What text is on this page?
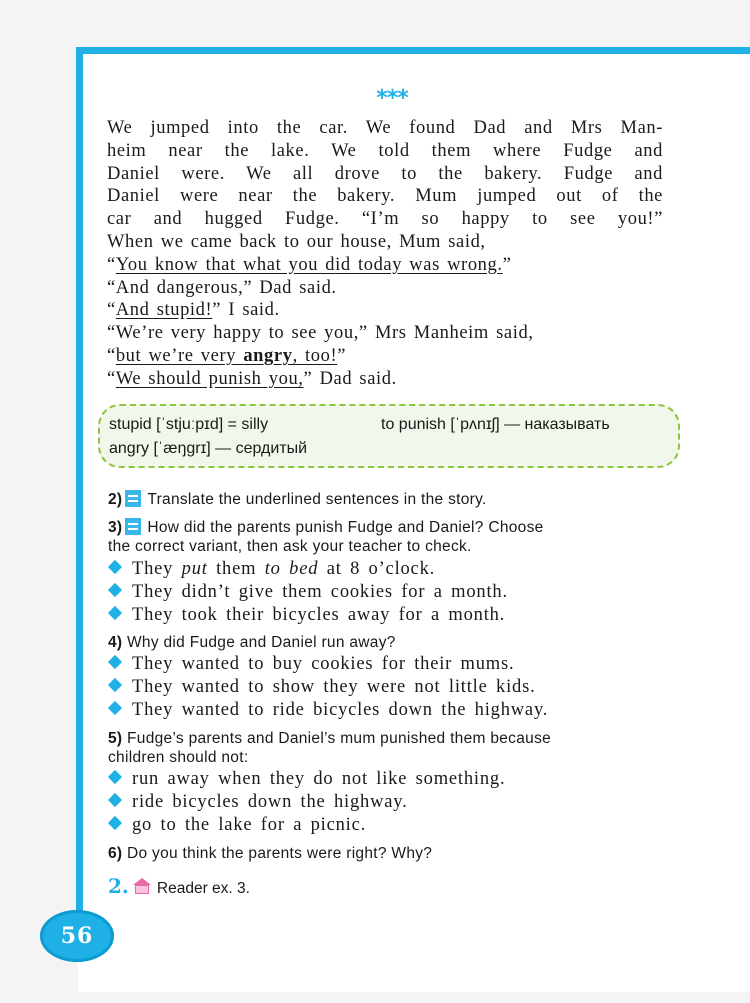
***
We jumped into the car. We found Dad and Mrs Man-
heim near the lake. We told them where Fudge and
Daniel were. We all drove to the bakery. Fudge and
Daniel were near the bakery. Mum jumped out of the
car and hugged Fudge. “I’m so happy to see you!”
When we came back to our house, Mum said,
“You know that what you did today was wrong.”
“And dangerous,” Dad said.
“And stupid!” I said.
“We’re very happy to see you,” Mrs Manheim said,
“but we’re very angry, too!”
“We should punish you,” Dad said.
stupid [ˈstjuːpɪd] = silly	to punish [ˈpʌnɪʃ] — наказывать
angry [ˈæŋgrɪ] — сердитый
2) Translate the underlined sentences in the story.
3) How did the parents punish Fudge and Daniel? Choose
the correct variant, then ask your teacher to check.
They put them to bed at 8 o’clock.
They didn’t give them cookies for a month.
They took their bicycles away for a month.
4) Why did Fudge and Daniel run away?
They wanted to buy cookies for their mums.
They wanted to show they were not little kids.
They wanted to ride bicycles down the highway.
5) Fudge’s parents and Daniel’s mum punished them because
children should not:
run away when they do not like something.
ride bicycles down the highway.
go to the lake for a picnic.
6) Do you think the parents were right? Why?
2. Reader ex. 3.
56
